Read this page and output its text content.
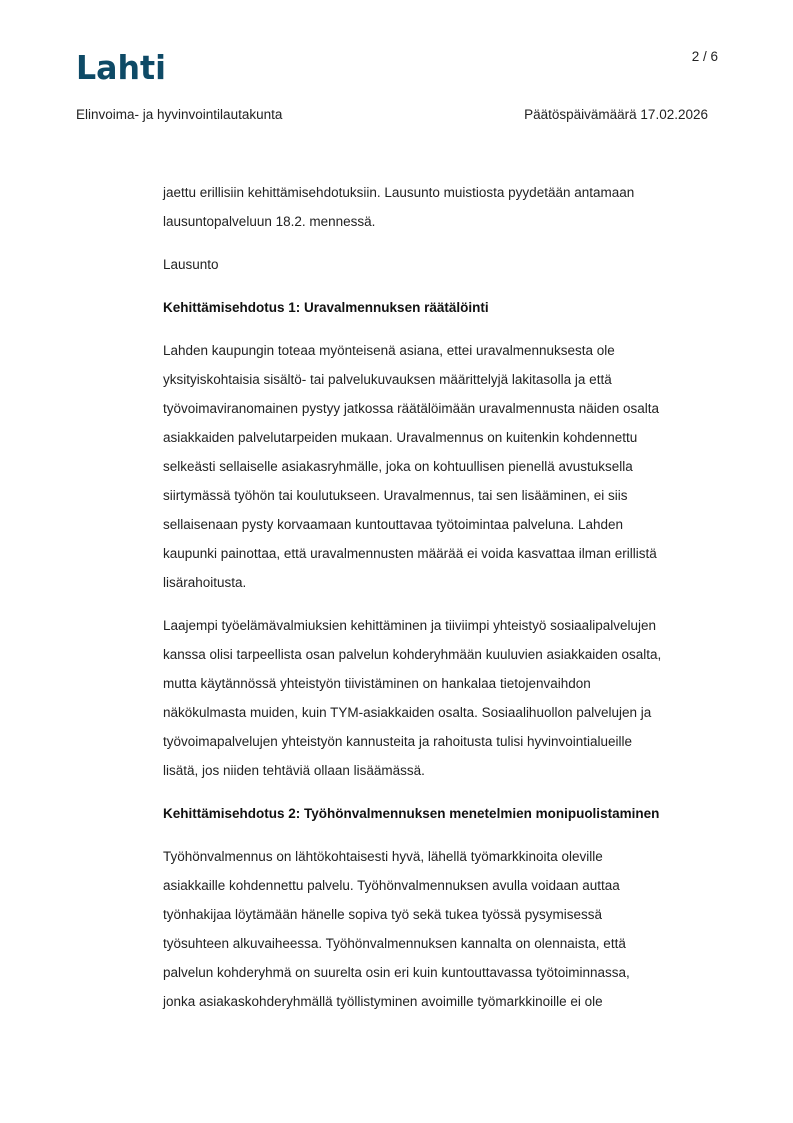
Lahti	2 / 6
Elinvoima- ja hyvinvointilautakunta	Päätöspäivämäärä 17.02.2026

jaettu erillisiin kehittämisehdotuksiin. Lausunto muistiosta pyydetään antamaan
lausuntopalveluun 18.2. mennessä.

Lausunto

Kehittämisehdotus 1: Uravalmennuksen räätälöinti

Lahden kaupungin toteaa myönteisenä asiana, ettei uravalmennuksesta ole
yksityiskohtaisia sisältö- tai palvelukuvauksen määrittelyjä lakitasolla ja että
työvoimaviranomainen pystyy jatkossa räätälöimään uravalmennusta näiden osalta
asiakkaiden palvelutarpeiden mukaan. Uravalmennus on kuitenkin kohdennettu
selkeästi sellaiselle asiakasryhmälle, joka on kohtuullisen pienellä avustuksella
siirtymässä työhön tai koulutukseen. Uravalmennus, tai sen lisääminen, ei siis
sellaisenaan pysty korvaamaan kuntouttavaa työtoimintaa palveluna. Lahden
kaupunki painottaa, että uravalmennusten määrää ei voida kasvattaa ilman erillistä
lisärahoitusta.

Laajempi työelämävalmiuksien kehittäminen ja tiiviimpi yhteistyö sosiaalipalvelujen
kanssa olisi tarpeellista osan palvelun kohderyhmään kuuluvien asiakkaiden osalta,
mutta käytännössä yhteistyön tiivistäminen on hankalaa tietojenvaihdon
näkökulmasta muiden, kuin TYM-asiakkaiden osalta. Sosiaalihuollon palvelujen ja
työvoimapalvelujen yhteistyön kannusteita ja rahoitusta tulisi hyvinvointialueille
lisätä, jos niiden tehtäviä ollaan lisäämässä.

Kehittämisehdotus 2: Työhönvalmennuksen menetelmien monipuolistaminen

Työhönvalmennus on lähtökohtaisesti hyvä, lähellä työmarkkinoita oleville
asiakkaille kohdennettu palvelu. Työhönvalmennuksen avulla voidaan auttaa
työnhakijaa löytämään hänelle sopiva työ sekä tukea työssä pysymisessä
työsuhteen alkuvaiheessa. Työhönvalmennuksen kannalta on olennaista, että
palvelun kohderyhmä on suurelta osin eri kuin kuntouttavassa työtoiminnassa,
jonka asiakaskohderyhmällä työllistyminen avoimille työmarkkinoille ei ole
